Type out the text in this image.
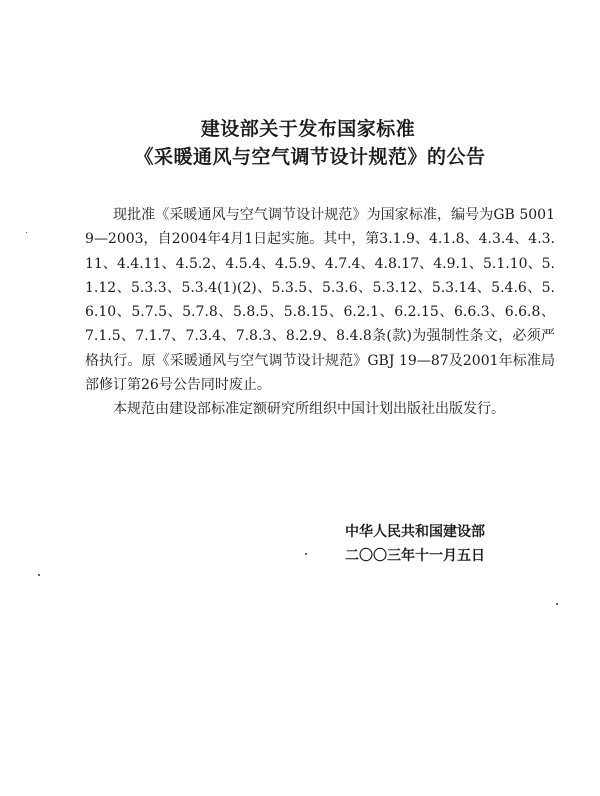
建设部关于发布国家标准
《采暖通风与空气调节设计规范》的公告

现批准《采暖通风与空气调节设计规范》为国家标准，编号为GB 50019—2003，自2004年4月1日起实施。其中，第3.1.9、4.1.8、4.3.4、4.3.11、4.4.11、4.5.2、4.5.4、4.5.9、4.7.4、4.8.17、4.9.1、5.1.10、5.1.12、5.3.3、5.3.4(1)(2)、5.3.5、5.3.6、5.3.12、5.3.14、5.4.6、5.6.10、5.7.5、5.7.8、5.8.5、5.8.15、6.2.1、6.2.15、6.6.3、6.6.8、7.1.5、7.1.7、7.3.4、7.8.3、8.2.9、8.4.8条(款)为强制性条文，必须严格执行。原《采暖通风与空气调节设计规范》GBJ 19—87及2001年标准局部修订第26号公告同时废止。

本规范由建设部标准定额研究所组织中国计划出版社出版发行。

中华人民共和国建设部
二〇〇三年十一月五日
